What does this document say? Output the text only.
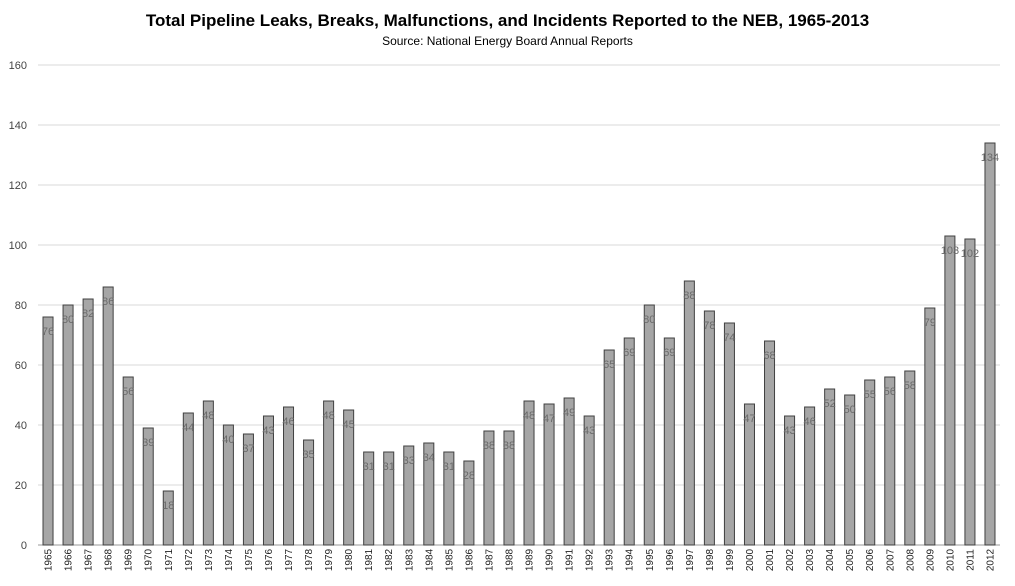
Total Pipeline Leaks, Breaks, Malfunctions, and Incidents Reported to the NEB, 1965-2013
Source: National Energy Board Annual Reports
0
20
40
60
80
100
120
140
160
76
80 82
86
56
39
18
44
48
40
37
43
46
35
48
45
31 31 33 34
31
28
38 38
48 47 49
43
65
69
80
69
88
78
74
47
68
43
46
52 50
55 56 58
79
103 102
134
1965 1966 1967 1968 1969 1970 1971 1972 1973 1974 1975 1976 1977 1978 1979 1980 1981 1982 1983 1984 1985 1986 1987 1988 1989 1990 1991 1992 1993 1994 1995 1996 1997 1998 1999 2000 2001 2002 2003 2004 2005 2006 2007 2008 2009 2010 2011 2012
